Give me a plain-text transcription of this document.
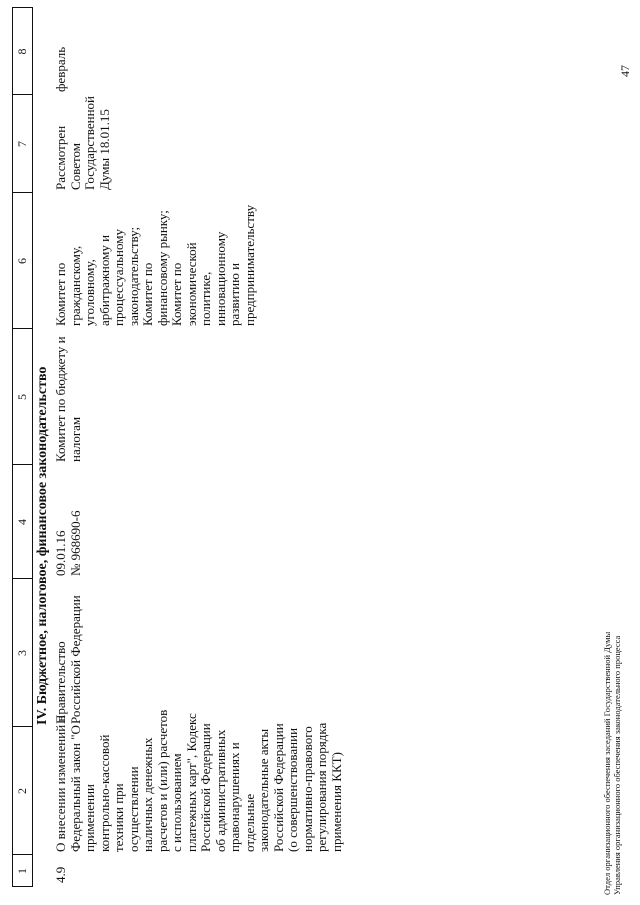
1
2
3
4
5
6
7
8
IV. Бюджетное, налоговое, финансовое законодательство
4.9
О внесении изменений в Федеральный закон "О применении контрольно-кассовой техники при осуществлении наличных денежных расчетов и (или) расчетов с использованием платежных карт", Кодекс Российской Федерации об административных правонарушениях и отдельные законодательные акты Российской Федерации (о совершенствовании нормативно-правового регулирования порядка применения ККТ)
Правительство Российской Федерации
09.01.16 № 968690-6
Комитет по бюджету и налогам
Комитет по гражданскому, уголовному, арбитражному и процессуальному законодательству; Комитет по финансовому рынку; Комитет по экономической политике, инновационному развитию и предпринимательству
Рассмотрен Советом Государственной Думы 18.01.15
февраль	47
Отдел организационного обеспечения заседаний Государственной Думы Управления организационного обеспечения законодательного процесса
